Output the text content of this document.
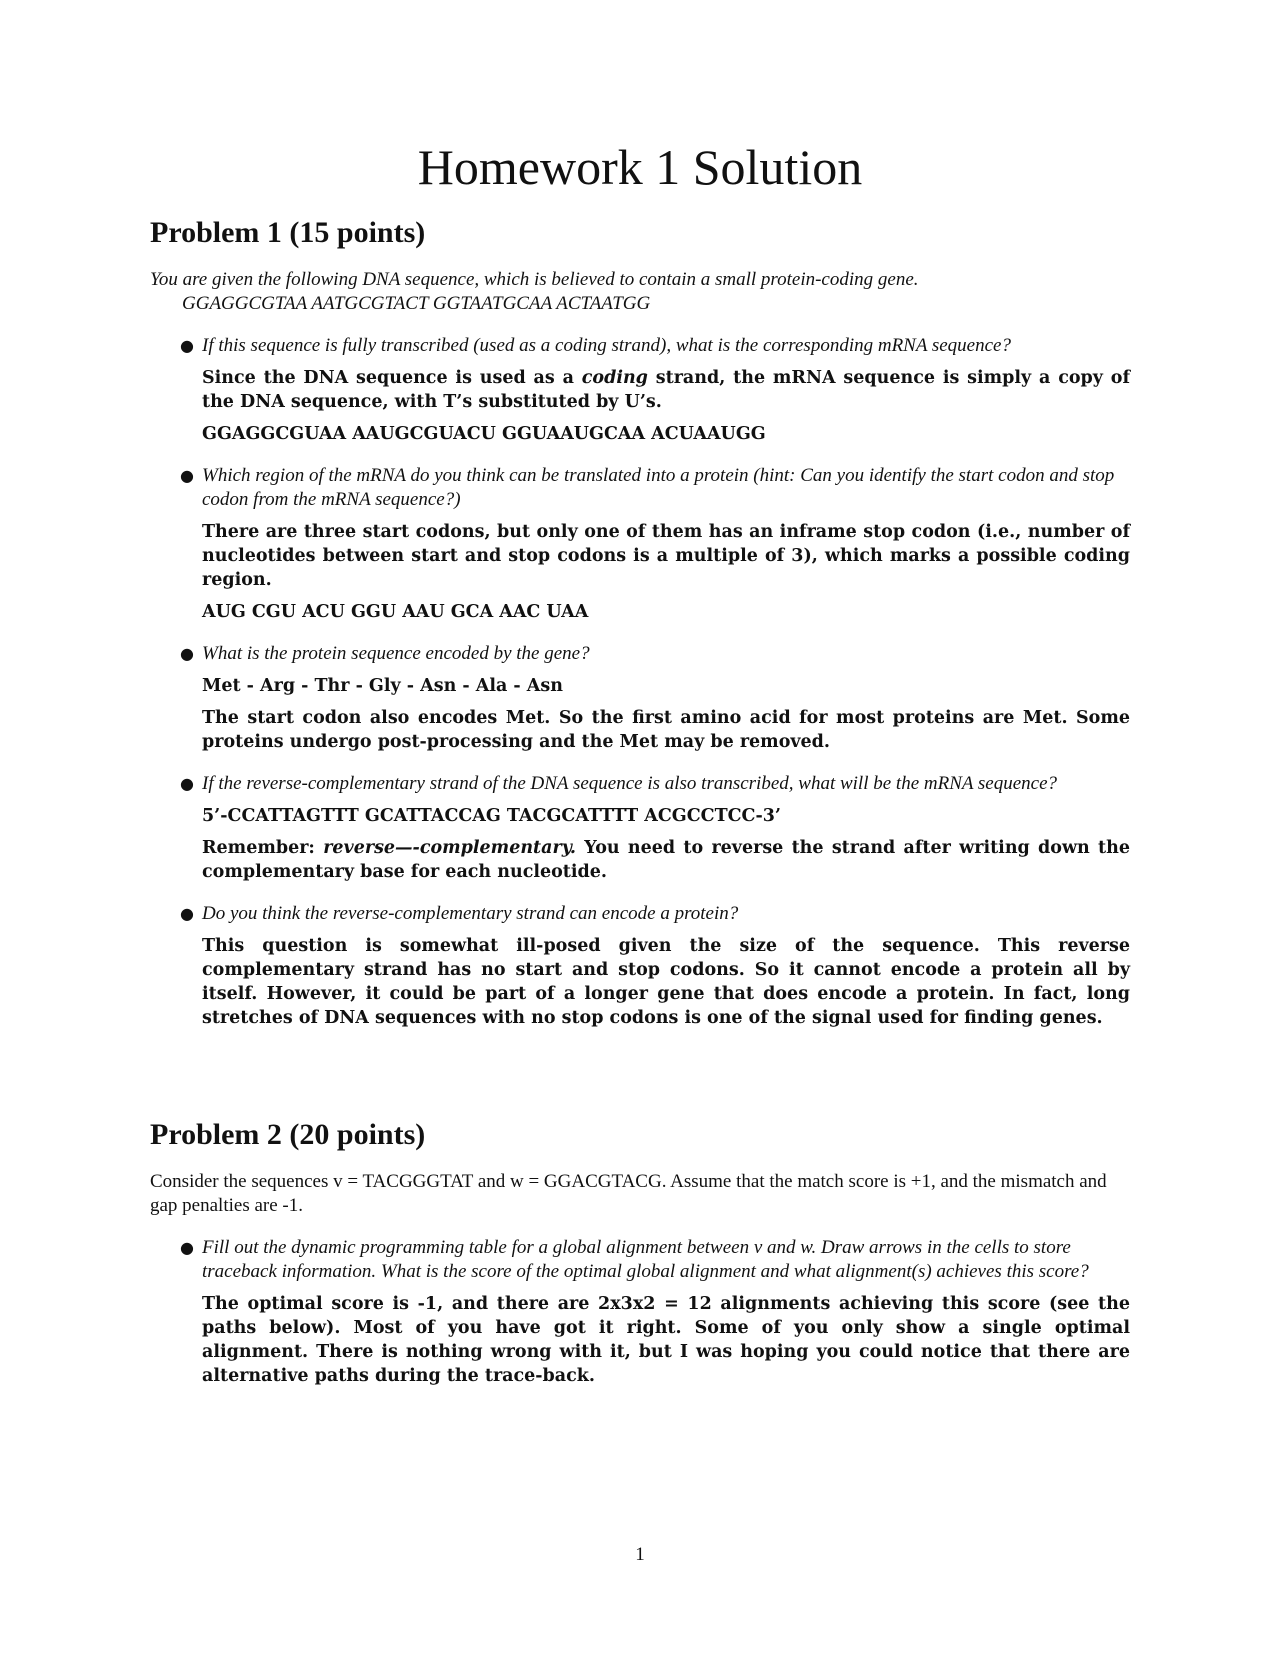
Homework 1 Solution
Problem 1 (15 points)

You are given the following DNA sequence, which is believed to contain a small protein-coding gene.
GGAGGCGTAA AATGCGTACT GGTAATGCAA ACTAATGG

● If this sequence is fully transcribed (used as a coding strand), what is the corresponding mRNA sequence?

Since the DNA sequence is used as a coding strand, the mRNA sequence is simply a copy of the DNA sequence, with T’s substituted by U’s.

GGAGGCGUAA AAUGCGUACU GGUAAUGCAA ACUAAUGG

● Which region of the mRNA do you think can be translated into a protein (hint: Can you identify the start codon and stop codon from the mRNA sequence?)

There are three start codons, but only one of them has an inframe stop codon (i.e., number of nucleotides between start and stop codons is a multiple of 3), which marks a possible coding region.

AUG CGU ACU GGU AAU GCA AAC UAA

● What is the protein sequence encoded by the gene?

Met - Arg - Thr - Gly - Asn - Ala - Asn

The start codon also encodes Met. So the first amino acid for most proteins are Met. Some proteins undergo post-processing and the Met may be removed.

● If the reverse-complementary strand of the DNA sequence is also transcribed, what will be the mRNA sequence?

5’-CCATTAGTTT GCATTACCAG TACGCATTTT ACGCCTCC-3’

Remember: reverse—-complementary. You need to reverse the strand after writing down the complementary base for each nucleotide.

● Do you think the reverse-complementary strand can encode a protein?

This question is somewhat ill-posed given the size of the sequence. This reverse complementary strand has no start and stop codons. So it cannot encode a protein all by itself. However, it could be part of a longer gene that does encode a protein. In fact, long stretches of DNA sequences with no stop codons is one of the signal used for finding genes.

Problem 2 (20 points)

Consider the sequences v = TACGGGTAT and w = GGACGTACG. Assume that the match score is +1, and the mismatch and gap penalties are -1.

● Fill out the dynamic programming table for a global alignment between v and w. Draw arrows in the cells to store traceback information. What is the score of the optimal global alignment and what alignment(s) achieves this score?

The optimal score is -1, and there are 2x3x2 = 12 alignments achieving this score (see the paths below). Most of you have got it right. Some of you only show a single optimal alignment. There is nothing wrong with it, but I was hoping you could notice that there are alternative paths during the trace-back.

1
